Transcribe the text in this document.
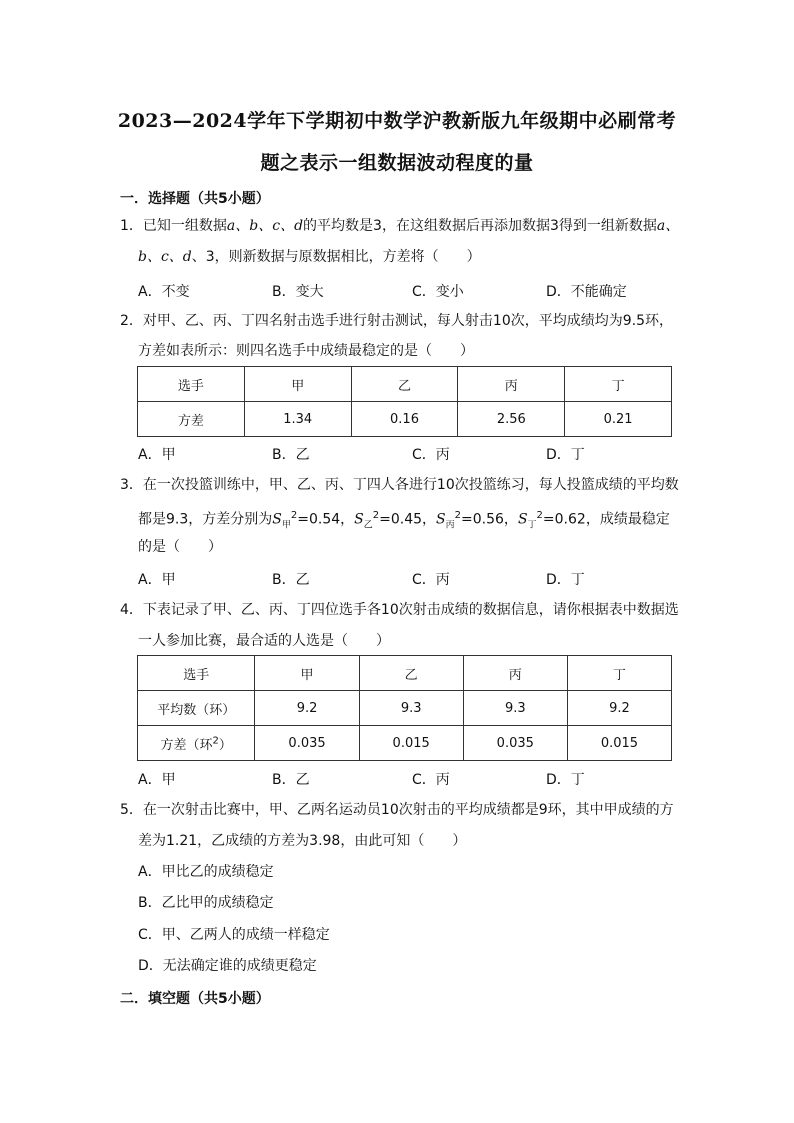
2023—2024学年下学期初中数学沪教新版九年级期中必刷常考
题之表示一组数据波动程度的量
一．选择题（共5小题）
1．已知一组数据a、b、c、d的平均数是3，在这组数据后再添加数据3得到一组新数据a、
b、c、d、3，则新数据与原数据相比，方差将（　　）
A．不变	B．变大	C．变小	D．不能确定
2．对甲、乙、丙、丁四名射击选手进行射击测试，每人射击10次，平均成绩均为9.5环，
方差如表所示：则四名选手中成绩最稳定的是（　　）
选手	甲	乙	丙	丁
方差	1.34	0.16	2.56	0.21
A．甲	B．乙	C．丙	D．丁
3．在一次投篮训练中，甲、乙、丙、丁四人各进行10次投篮练习，每人投篮成绩的平均数
都是9.3，方差分别为$S_甲^2=0.54$，$S_乙^2=0.45$，$S_丙^2=0.56$，$S_丁^2=0.62$，成绩最稳定
的是（　　）
A．甲	B．乙	C．丙	D．丁
4．下表记录了甲、乙、丙、丁四位选手各10次射击成绩的数据信息，请你根据表中数据选
一人参加比赛，最合适的人选是（　　）
选手	甲	乙	丙	丁
平均数（环）	9.2	9.3	9.3	9.2
方差（环$^2$）	0.035	0.015	0.035	0.015
A．甲	B．乙	C．丙	D．丁
5．在一次射击比赛中，甲、乙两名运动员10次射击的平均成绩都是9环，其中甲成绩的方
差为1.21，乙成绩的方差为3.98，由此可知（　　）
A．甲比乙的成绩稳定
B．乙比甲的成绩稳定
C．甲、乙两人的成绩一样稳定
D．无法确定谁的成绩更稳定
二．填空题（共5小题）
